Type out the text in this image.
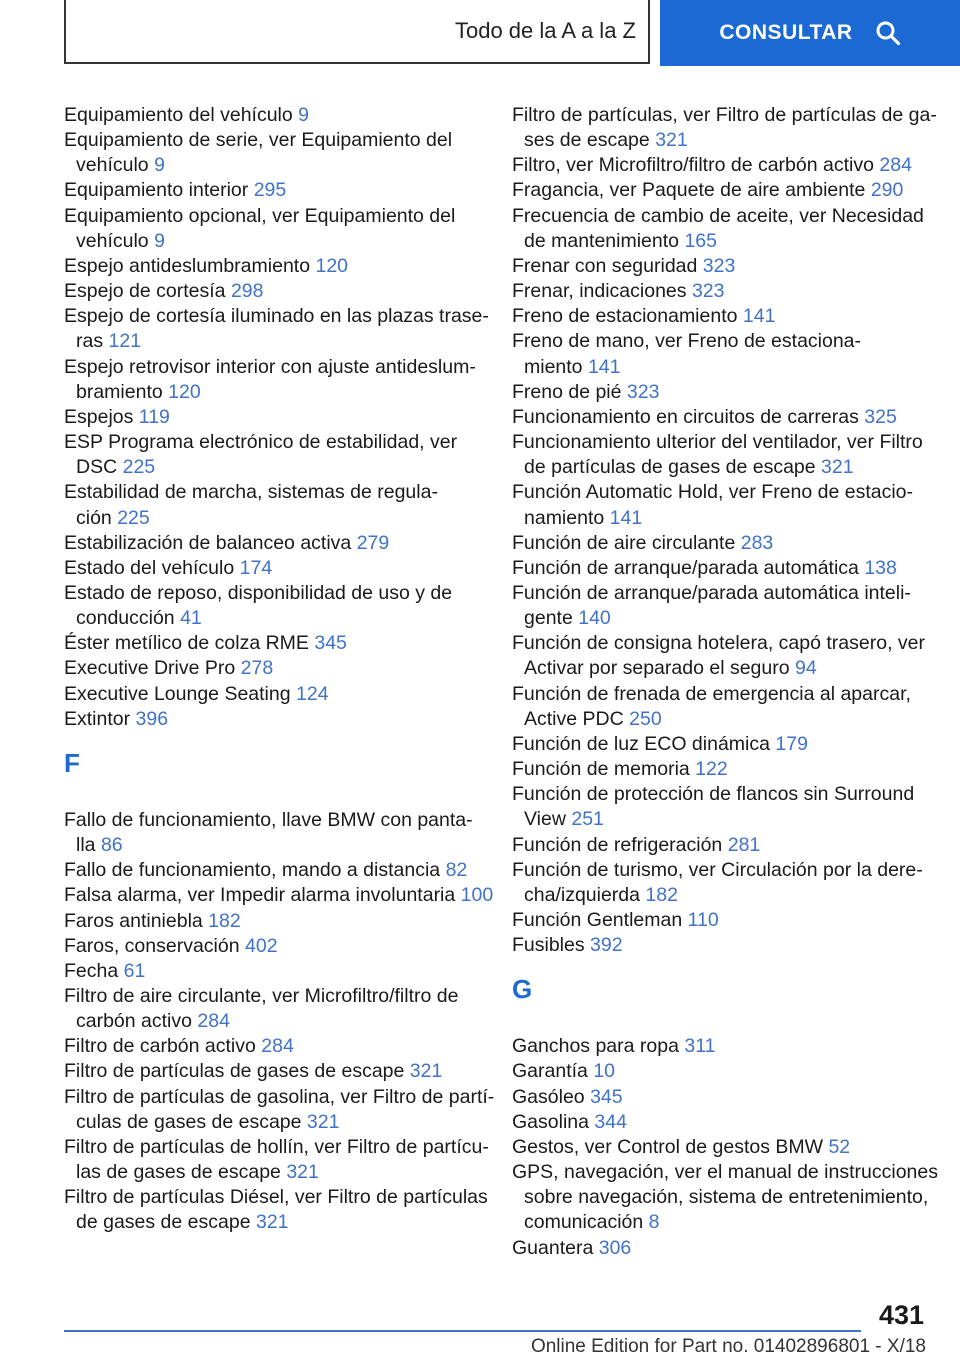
Todo de la A a la Z	CONSULTAR
Equipamiento del vehículo 9
Equipamiento de serie, ver Equipamiento del
vehículo 9
Equipamiento interior 295
Equipamiento opcional, ver Equipamiento del
vehículo 9
Espejo antideslumbramiento 120
Espejo de cortesía 298
Espejo de cortesía iluminado en las plazas trase-
ras 121
Espejo retrovisor interior con ajuste antideslum-
bramiento 120
Espejos 119
ESP Programa electrónico de estabilidad, ver
DSC 225
Estabilidad de marcha, sistemas de regula-
ción 225
Estabilización de balanceo activa 279
Estado del vehículo 174
Estado de reposo, disponibilidad de uso y de
conducción 41
Éster metílico de colza RME 345
Executive Drive Pro 278
Executive Lounge Seating 124
Extintor 396
F
Fallo de funcionamiento, llave BMW con panta-
lla 86
Fallo de funcionamiento, mando a distancia 82
Falsa alarma, ver Impedir alarma involuntaria 100
Faros antiniebla 182
Faros, conservación 402
Fecha 61
Filtro de aire circulante, ver Microfiltro/filtro de
carbón activo 284
Filtro de carbón activo 284
Filtro de partículas de gases de escape 321
Filtro de partículas de gasolina, ver Filtro de partí-
culas de gases de escape 321
Filtro de partículas de hollín, ver Filtro de partícu-
las de gases de escape 321
Filtro de partículas Diésel, ver Filtro de partículas
de gases de escape 321
Filtro de partículas, ver Filtro de partículas de ga-
ses de escape 321
Filtro, ver Microfiltro/filtro de carbón activo 284
Fragancia, ver Paquete de aire ambiente 290
Frecuencia de cambio de aceite, ver Necesidad
de mantenimiento 165
Frenar con seguridad 323
Frenar, indicaciones 323
Freno de estacionamiento 141
Freno de mano, ver Freno de estaciona-
miento 141
Freno de pié 323
Funcionamiento en circuitos de carreras 325
Funcionamiento ulterior del ventilador, ver Filtro
de partículas de gases de escape 321
Función Automatic Hold, ver Freno de estacio-
namiento 141
Función de aire circulante 283
Función de arranque/parada automática 138
Función de arranque/parada automática inteli-
gente 140
Función de consigna hotelera, capó trasero, ver
Activar por separado el seguro 94
Función de frenada de emergencia al aparcar,
Active PDC 250
Función de luz ECO dinámica 179
Función de memoria 122
Función de protección de flancos sin Surround
View 251
Función de refrigeración 281
Función de turismo, ver Circulación por la dere-
cha/izquierda 182
Función Gentleman 110
Fusibles 392
G
Ganchos para ropa 311
Garantía 10
Gasóleo 345
Gasolina 344
Gestos, ver Control de gestos BMW 52
GPS, navegación, ver el manual de instrucciones
sobre navegación, sistema de entretenimiento,
comunicación 8
Guantera 306
431
Online Edition for Part no. 01402896801 - X/18
